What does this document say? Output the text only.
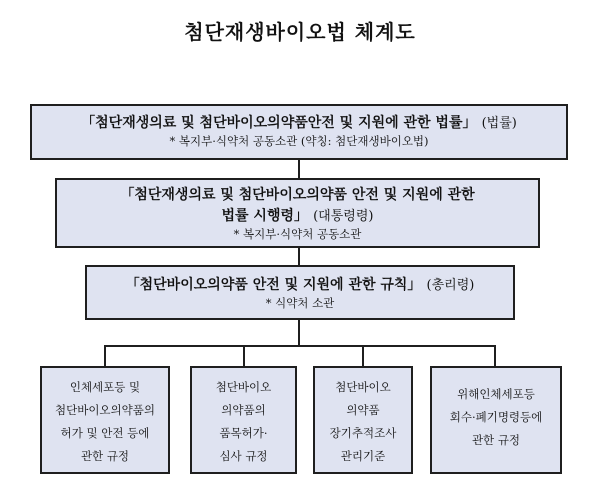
첨단재생바이오법 체계도
「첨단재생의료 및 첨단바이오의약품안전 및 지원에 관한 법률」 (법률)
* 복지부·식약처 공동소관 (약칭: 첨단재생바이오법)
「첨단재생의료 및 첨단바이오의약품 안전 및 지원에 관한
법률 시행령」 (대통령령)
* 복지부·식약처 공동소관
「첨단바이오의약품 안전 및 지원에 관한 규칙」 (총리령)
* 식약처 소관
인체세포등 및
첨단바이오의약품의
허가 및 안전 등에
관한 규정
첨단바이오
의약품의
품목허가·
심사 규정
첨단바이오
의약품
장기추적조사
관리기준
위해인체세포등
회수·폐기명령등에
관한 규정
